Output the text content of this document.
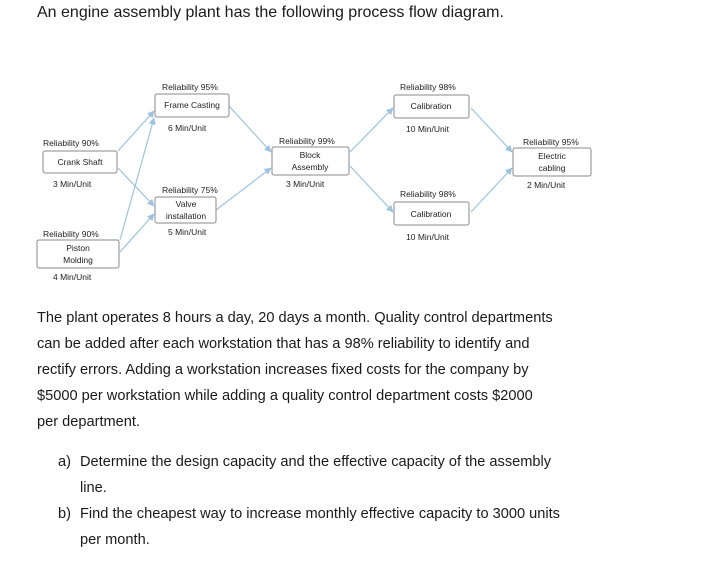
An engine assembly plant has the following process flow diagram.
Reliability 90%
Crank Shaft
3 Min/Unit
Reliability 90%
Piston
Molding
4 Min/Unit
Reliability 95%
Frame Casting
6 Min/Unit
Reliability 75%
Valve
installation
5 Min/Unit
Reliability 99%
Block
Assembly
3 Min/Unit
Reliability 98%
Calibration
10 Min/Unit
Reliability 98%
Calibration
10 Min/Unit
Reliability 95%
Electric
cabling
2 Min/Unit
The plant operates 8 hours a day, 20 days a month. Quality control departments
can be added after each workstation that has a 98% reliability to identify and
rectify errors. Adding a workstation increases fixed costs for the company by
$5000 per workstation while adding a quality control department costs $2000
per department.
a) Determine the design capacity and the effective capacity of the assembly
line.
b) Find the cheapest way to increase monthly effective capacity to 3000 units
per month.
